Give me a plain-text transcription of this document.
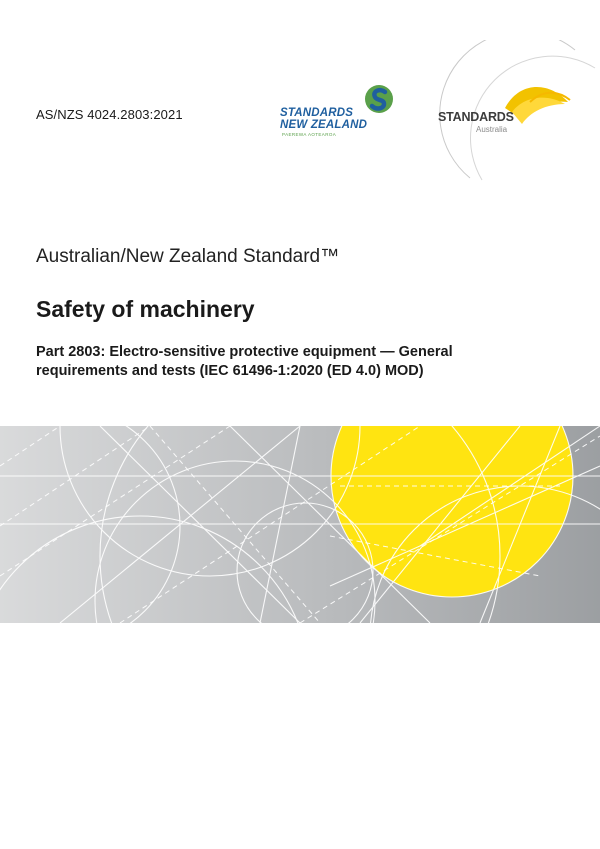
AS/NZS 4024.2803:2021	STANDARDS
NEW ZEALAND
PAEREWA AOTEAROA
STANDARDS
Australia
Australian/New Zealand Standard™
Safety of machinery
Part 2803: Electro-sensitive protective equipment — General requirements and tests (IEC 61496-1:2020 (ED 4.0) MOD)
